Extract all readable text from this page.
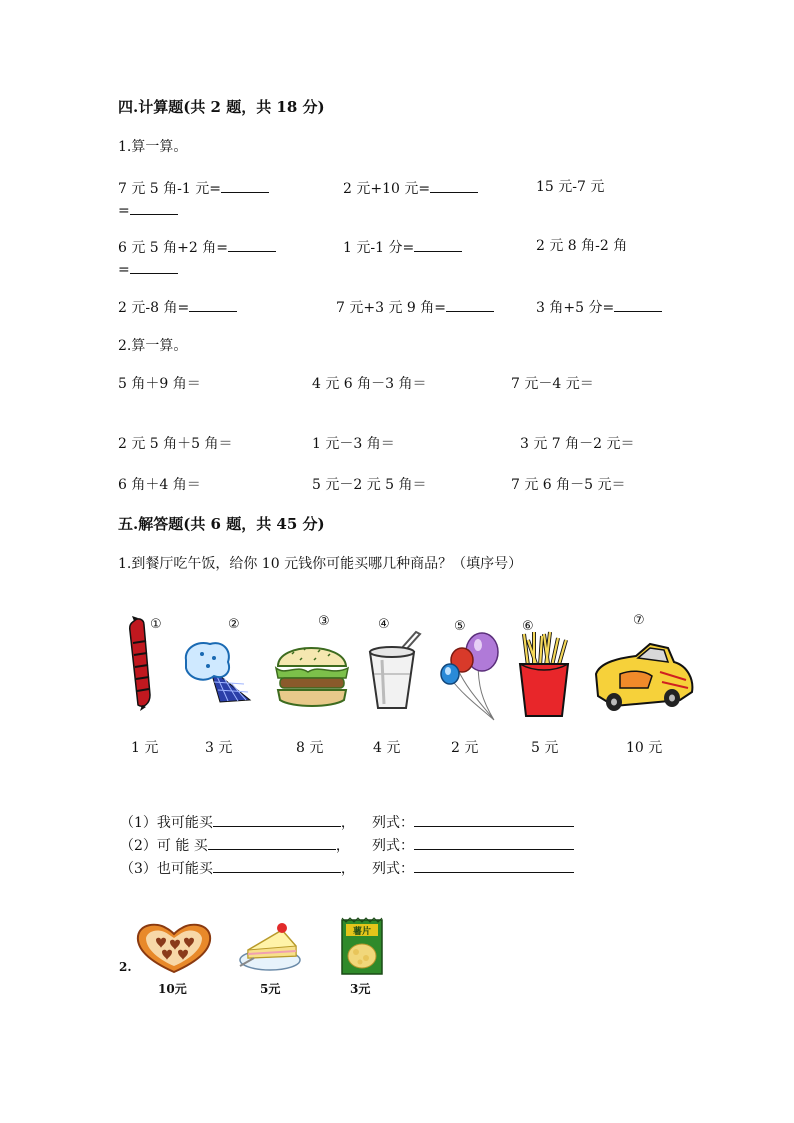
四.计算题(共 2 题，共 18 分)
1.算一算。
7 元 5 角-1 元=	2 元+10 元=	15 元-7 元
=
6 元 5 角+2 角=	1 元-1 分=	2 元 8 角-2 角
=
2 元-8 角=	7 元+3 元 9 角=	3 角+5 分=
2.算一算。
5 角＋9 角＝	4 元 6 角－3 角＝	7 元－4 元＝
2 元 5 角＋5 角＝	1 元－3 角＝	3 元 7 角－2 元＝
6 角＋4 角＝	5 元－2 元 5 角＝	7 元 6 角－5 元＝
五.解答题(共 6 题，共 45 分)
1.到餐厅吃午饭，给你 10 元钱你可能买哪几种商品？（填序号）
①	②	③	④	⑤	⑥	⑦
1 元	3 元	8 元	4 元	2 元	5 元	10 元
（1）我可能买	， 列式：
（2）可 能 买	， 列式：
（3）也可能买	， 列式：
2.
薯片
10元	5元	3元
